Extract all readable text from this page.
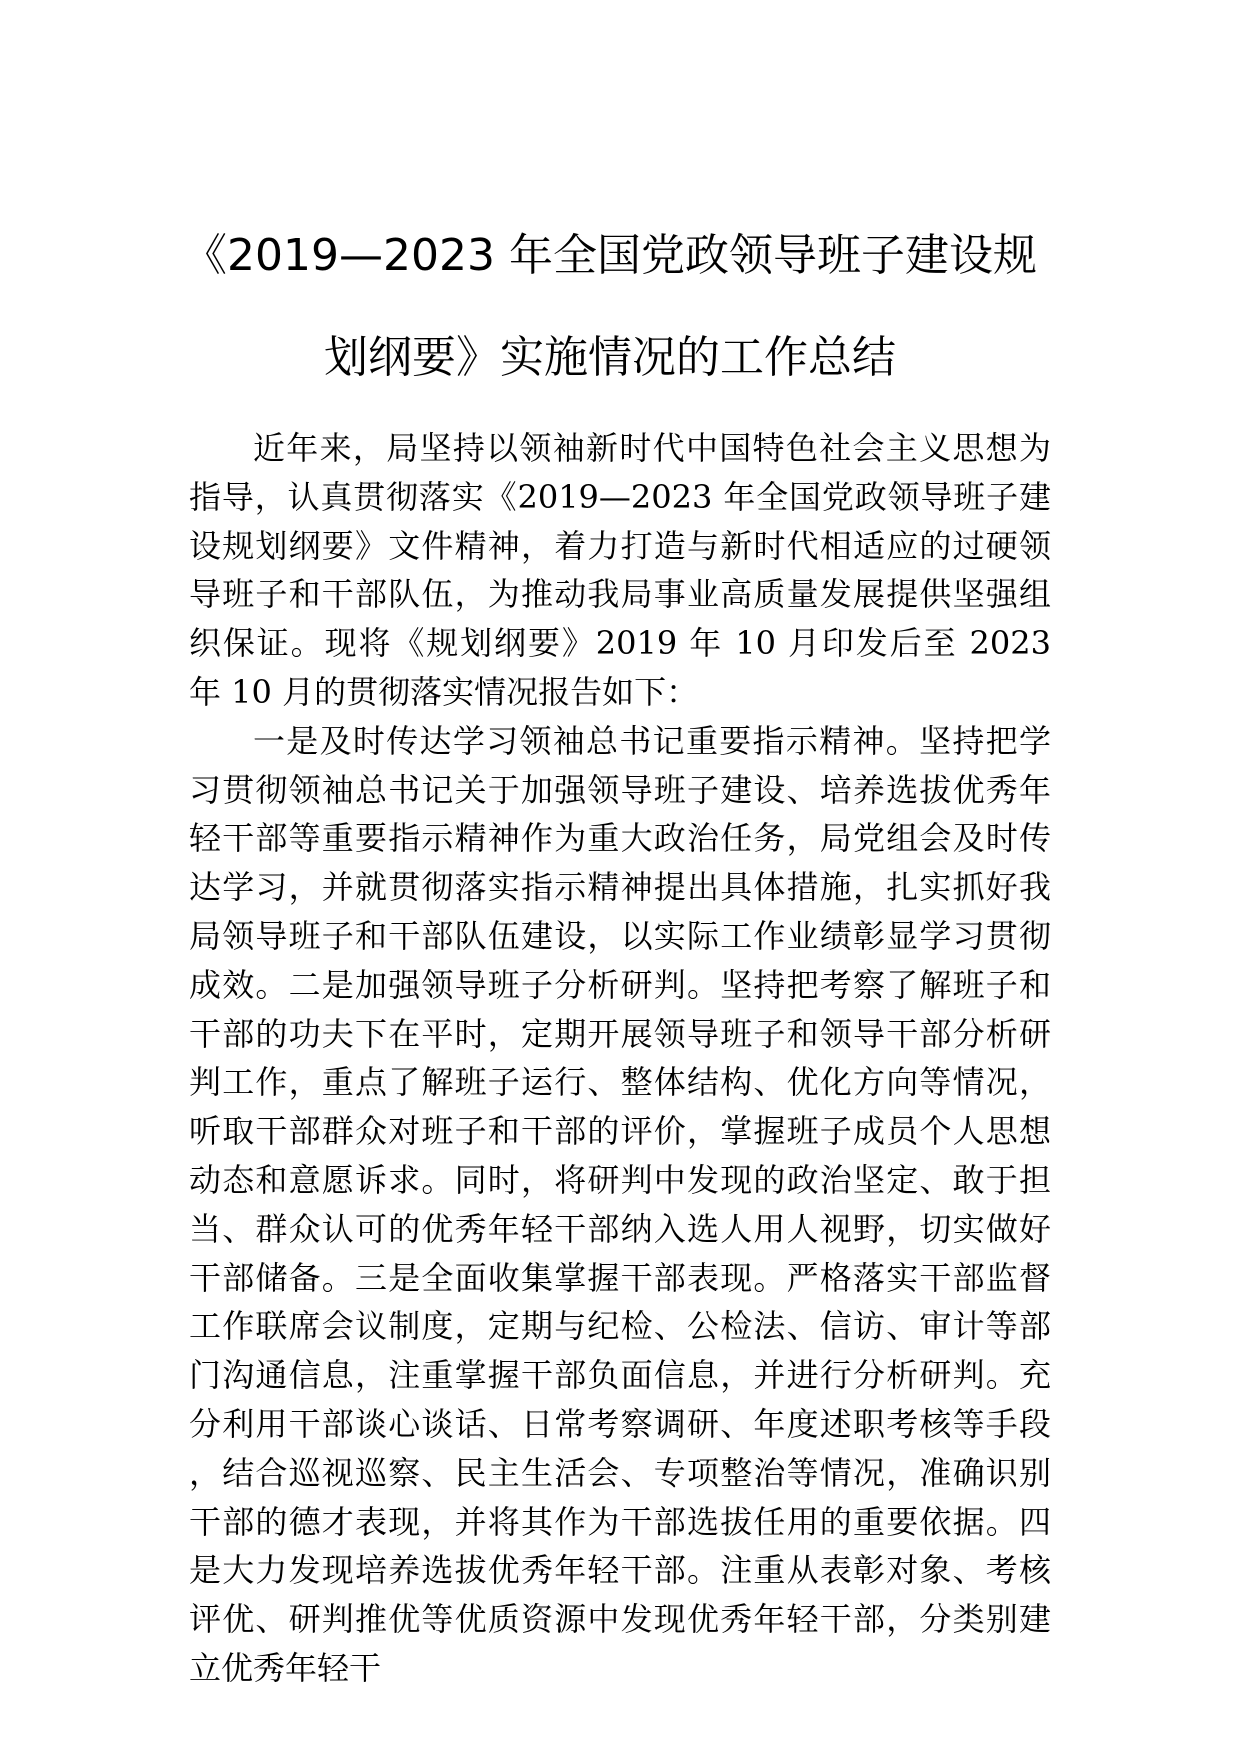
《2019—2023 年全国党政领导班子建设规
划纲要》实施情况的工作总结

近年来，局坚持以领袖新时代中国特色社会主义思想为指导，认真贯彻落实《2019—2023 年全国党政领导班子建设规划纲要》文件精神，着力打造与新时代相适应的过硬领导班子和干部队伍，为推动我局事业高质量发展提供坚强组织保证。现将《规划纲要》2019 年 10 月印发后至 2023 年 10 月的贯彻落实情况报告如下：

一是及时传达学习领袖总书记重要指示精神。坚持把学习贯彻领袖总书记关于加强领导班子建设、培养选拔优秀年轻干部等重要指示精神作为重大政治任务，局党组会及时传达学习，并就贯彻落实指示精神提出具体措施，扎实抓好我局领导班子和干部队伍建设，以实际工作业绩彰显学习贯彻成效。二是加强领导班子分析研判。坚持把考察了解班子和干部的功夫下在平时，定期开展领导班子和领导干部分析研判工作，重点了解班子运行、整体结构、优化方向等情况，听取干部群众对班子和干部的评价，掌握班子成员个人思想动态和意愿诉求。同时，将研判中发现的政治坚定、敢于担当、群众认可的优秀年轻干部纳入选人用人视野，切实做好干部储备。三是全面收集掌握干部表现。严格落实干部监督工作联席会议制度，定期与纪检、公检法、信访、审计等部门沟通信息，注重掌握干部负面信息，并进行分析研判。充分利用干部谈心谈话、日常考察调研、年度述职考核等手段，结合巡视巡察、民主生活会、专项整治等情况，准确识别干部的德才表现，并将其作为干部选拔任用的重要依据。四是大力发现培养选拔优秀年轻干部。注重从表彰对象、考核评优、研判推优等优质资源中发现优秀年轻干部，分类别建立优秀年轻干
